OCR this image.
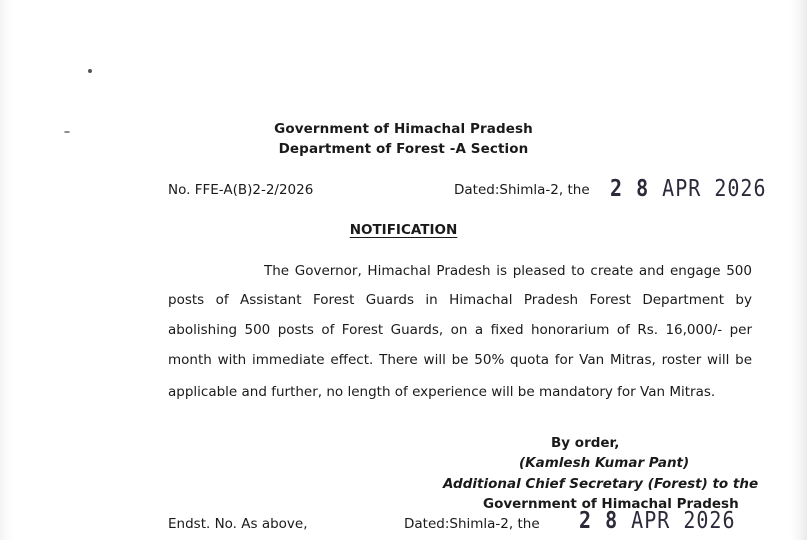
Government of Himachal Pradesh
Department of Forest -A Section
No. FFE-A(B)2-2/2026	Dated:Shimla-2, the 2 8 APR 2026
NOTIFICATION
The Governor, Himachal Pradesh is pleased to create and engage 500
posts of Assistant Forest Guards in Himachal Pradesh Forest Department by
abolishing 500 posts of Forest Guards, on a fixed honorarium of Rs. 16,000/- per
month with immediate effect. There will be 50% quota for Van Mitras, roster will be
applicable and further, no length of experience will be mandatory for Van Mitras.
By order,
(Kamlesh Kumar Pant)
Additional Chief Secretary (Forest) to the
Government of Himachal Pradesh
Endst. No. As above,	Dated:Shimla-2, the 2 8 APR 2026
